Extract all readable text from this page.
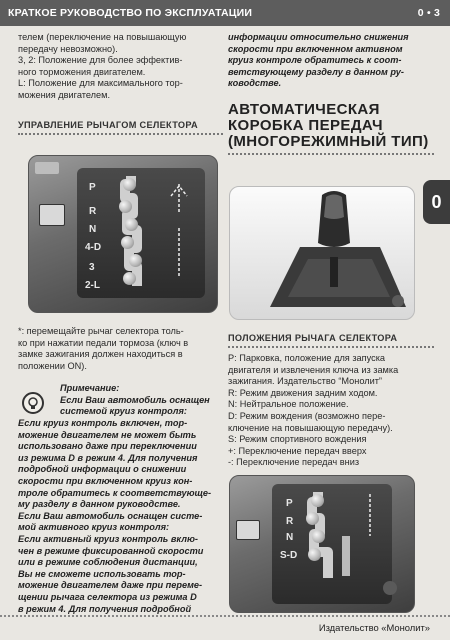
КРАТКОЕ РУКОВОДСТВО ПО ЭКСПЛУАТАЦИИ	0 • 3

телем (переключение на повышающую

передачу невозможно).

3, 2: Положение для более эффектив-

ного торможения двигателем.

L: Положение для максимального тор-

можения двигателем.

УПРАВЛЕНИЕ РЫЧАГОМ СЕЛЕКТОРА
P
R
N
4-D
3
2-L

*: перемещайте рычаг селектора толь-

ко при нажатии педали тормоза (ключ в

замке зажигания должен находиться в

положении ON).

Примечание:

Если Ваш автомобиль оснащен

системой круиз контроля:

Если круиз контроль включен, тор-

можение двигателем не может быть

использовано даже при переключении

из режима D в режим 4. Для получения

подробной информации о снижении

скорости при включенном круиз кон-

троле обратитесь к соответствующе-

му разделу в данном руководстве.

Если Ваш автомобиль оснащен систе-

мой активного круиз контроля:

Если активный круиз контроль вклю-

чен в режиме фиксированной скорости

или в режиме соблюдения дистанции,

Вы не сможете использовать тор-

можение двигателем даже при переме-

щении рычага селектора из режима D

в режим 4. Для получения подробной

информации относительно снижения

скорости при включенном активном

круиз контроле обратитесь к соот-

ветствующему разделу в данном ру-

ководстве.

АВТОМАТИЧЕСКАЯ
КОРОБКА ПЕРЕДАЧ
(МНОГОРЕЖИМНЫЙ ТИП)
ПОЛОЖЕНИЯ РЫЧАГА СЕЛЕКТОРА

P: Парковка, положение для запуска

двигателя и извлечения ключа из замка

зажигания. Издательство “Монолит”

R: Режим движения задним ходом.

N: Нейтральное положение.

D: Режим вождения (возможно пере-

ключение на повышающую передачу).

S: Режим спортивного вождения

+: Переключение передач вверх

-: Переключение передач вниз

P
R
N
S-D
0
Издательство «Монолит»
